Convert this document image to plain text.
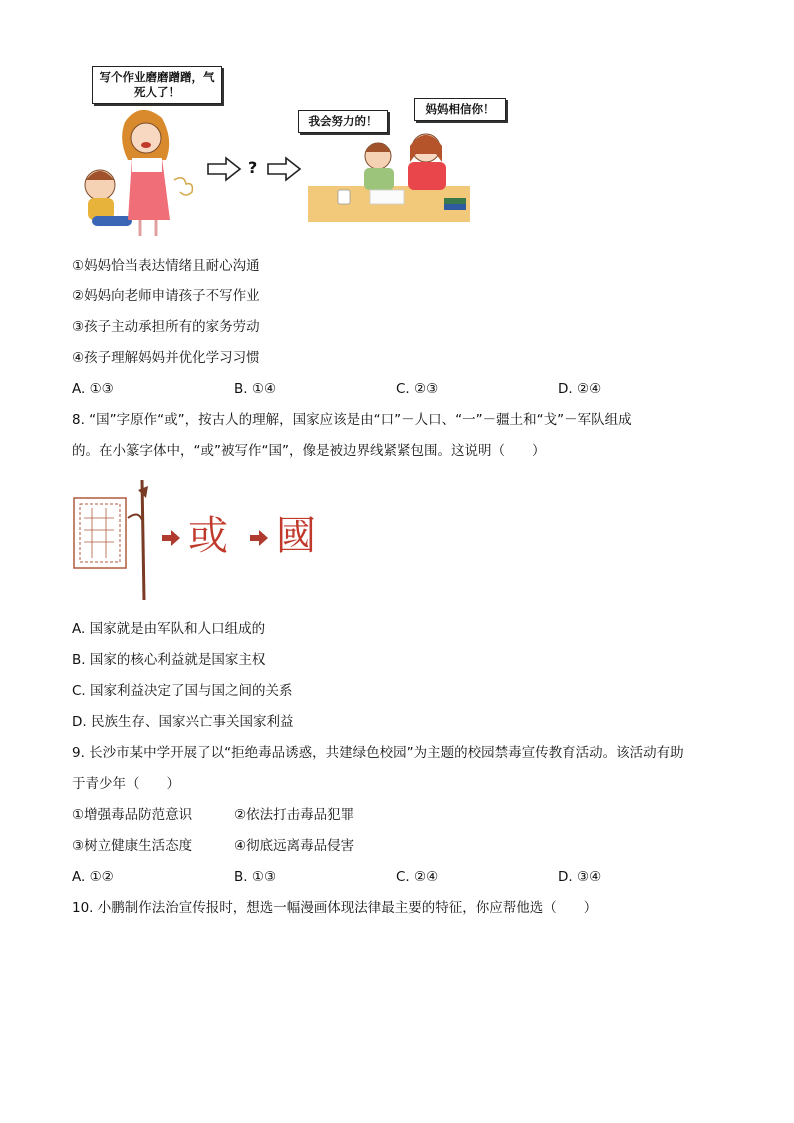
写个作业磨磨蹭蹭，气死人了！
?
我会努力的！
妈妈相信你！
①妈妈恰当表达情绪且耐心沟通
②妈妈向老师申请孩子不写作业
③孩子主动承担所有的家务劳动
④孩子理解妈妈并优化学习习惯
A. ①③	B. ①④	C. ②③	D. ②④
8. “国”字原作“或”，按古人的理解，国家应该是由“口”－人口、“一”－疆土和“戈”－军队组成
的。在小篆字体中，“或”被写作“国”，像是被边界线紧紧包围。这说明（　　）
或 國
A. 国家就是由军队和人口组成的
B. 国家的核心利益就是国家主权
C. 国家利益决定了国与国之间的关系
D. 民族生存、国家兴亡事关国家利益
9. 长沙市某中学开展了以“拒绝毒品诱惑，共建绿色校园”为主题的校园禁毒宣传教育活动。该活动有助
于青少年（　　）
①增强毒品防范意识	②依法打击毒品犯罪
③树立健康生活态度	④彻底远离毒品侵害
A. ①②	B. ①③	C. ②④	D. ③④
10. 小鹏制作法治宣传报时，想选一幅漫画体现法律最主要的特征，你应帮他选（　　）
